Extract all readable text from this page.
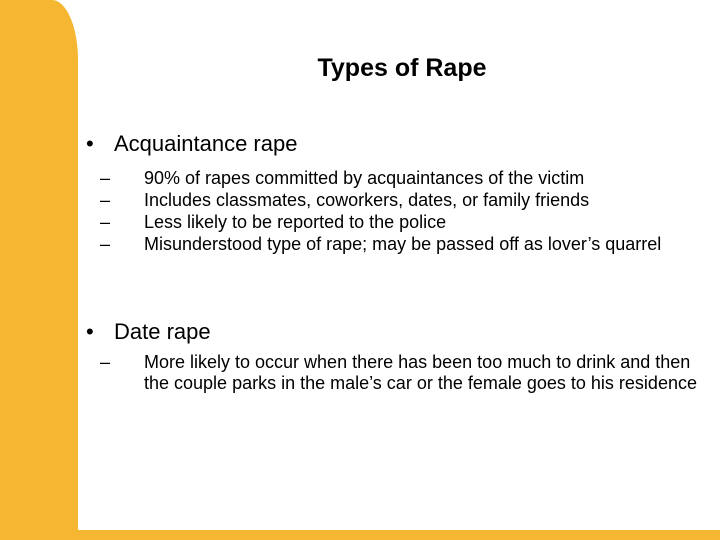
Types of Rape
• Acquaintance rape
–	90% of rapes committed by acquaintances of the victim
–	Includes classmates, coworkers, dates, or family friends
–	Less likely to be reported to the police
–	Misunderstood type of rape; may be passed off as lover’s quarrel
• Date rape
–	More likely to occur when there has been too much to drink and then the couple parks in the male’s car or the female goes to his residence
